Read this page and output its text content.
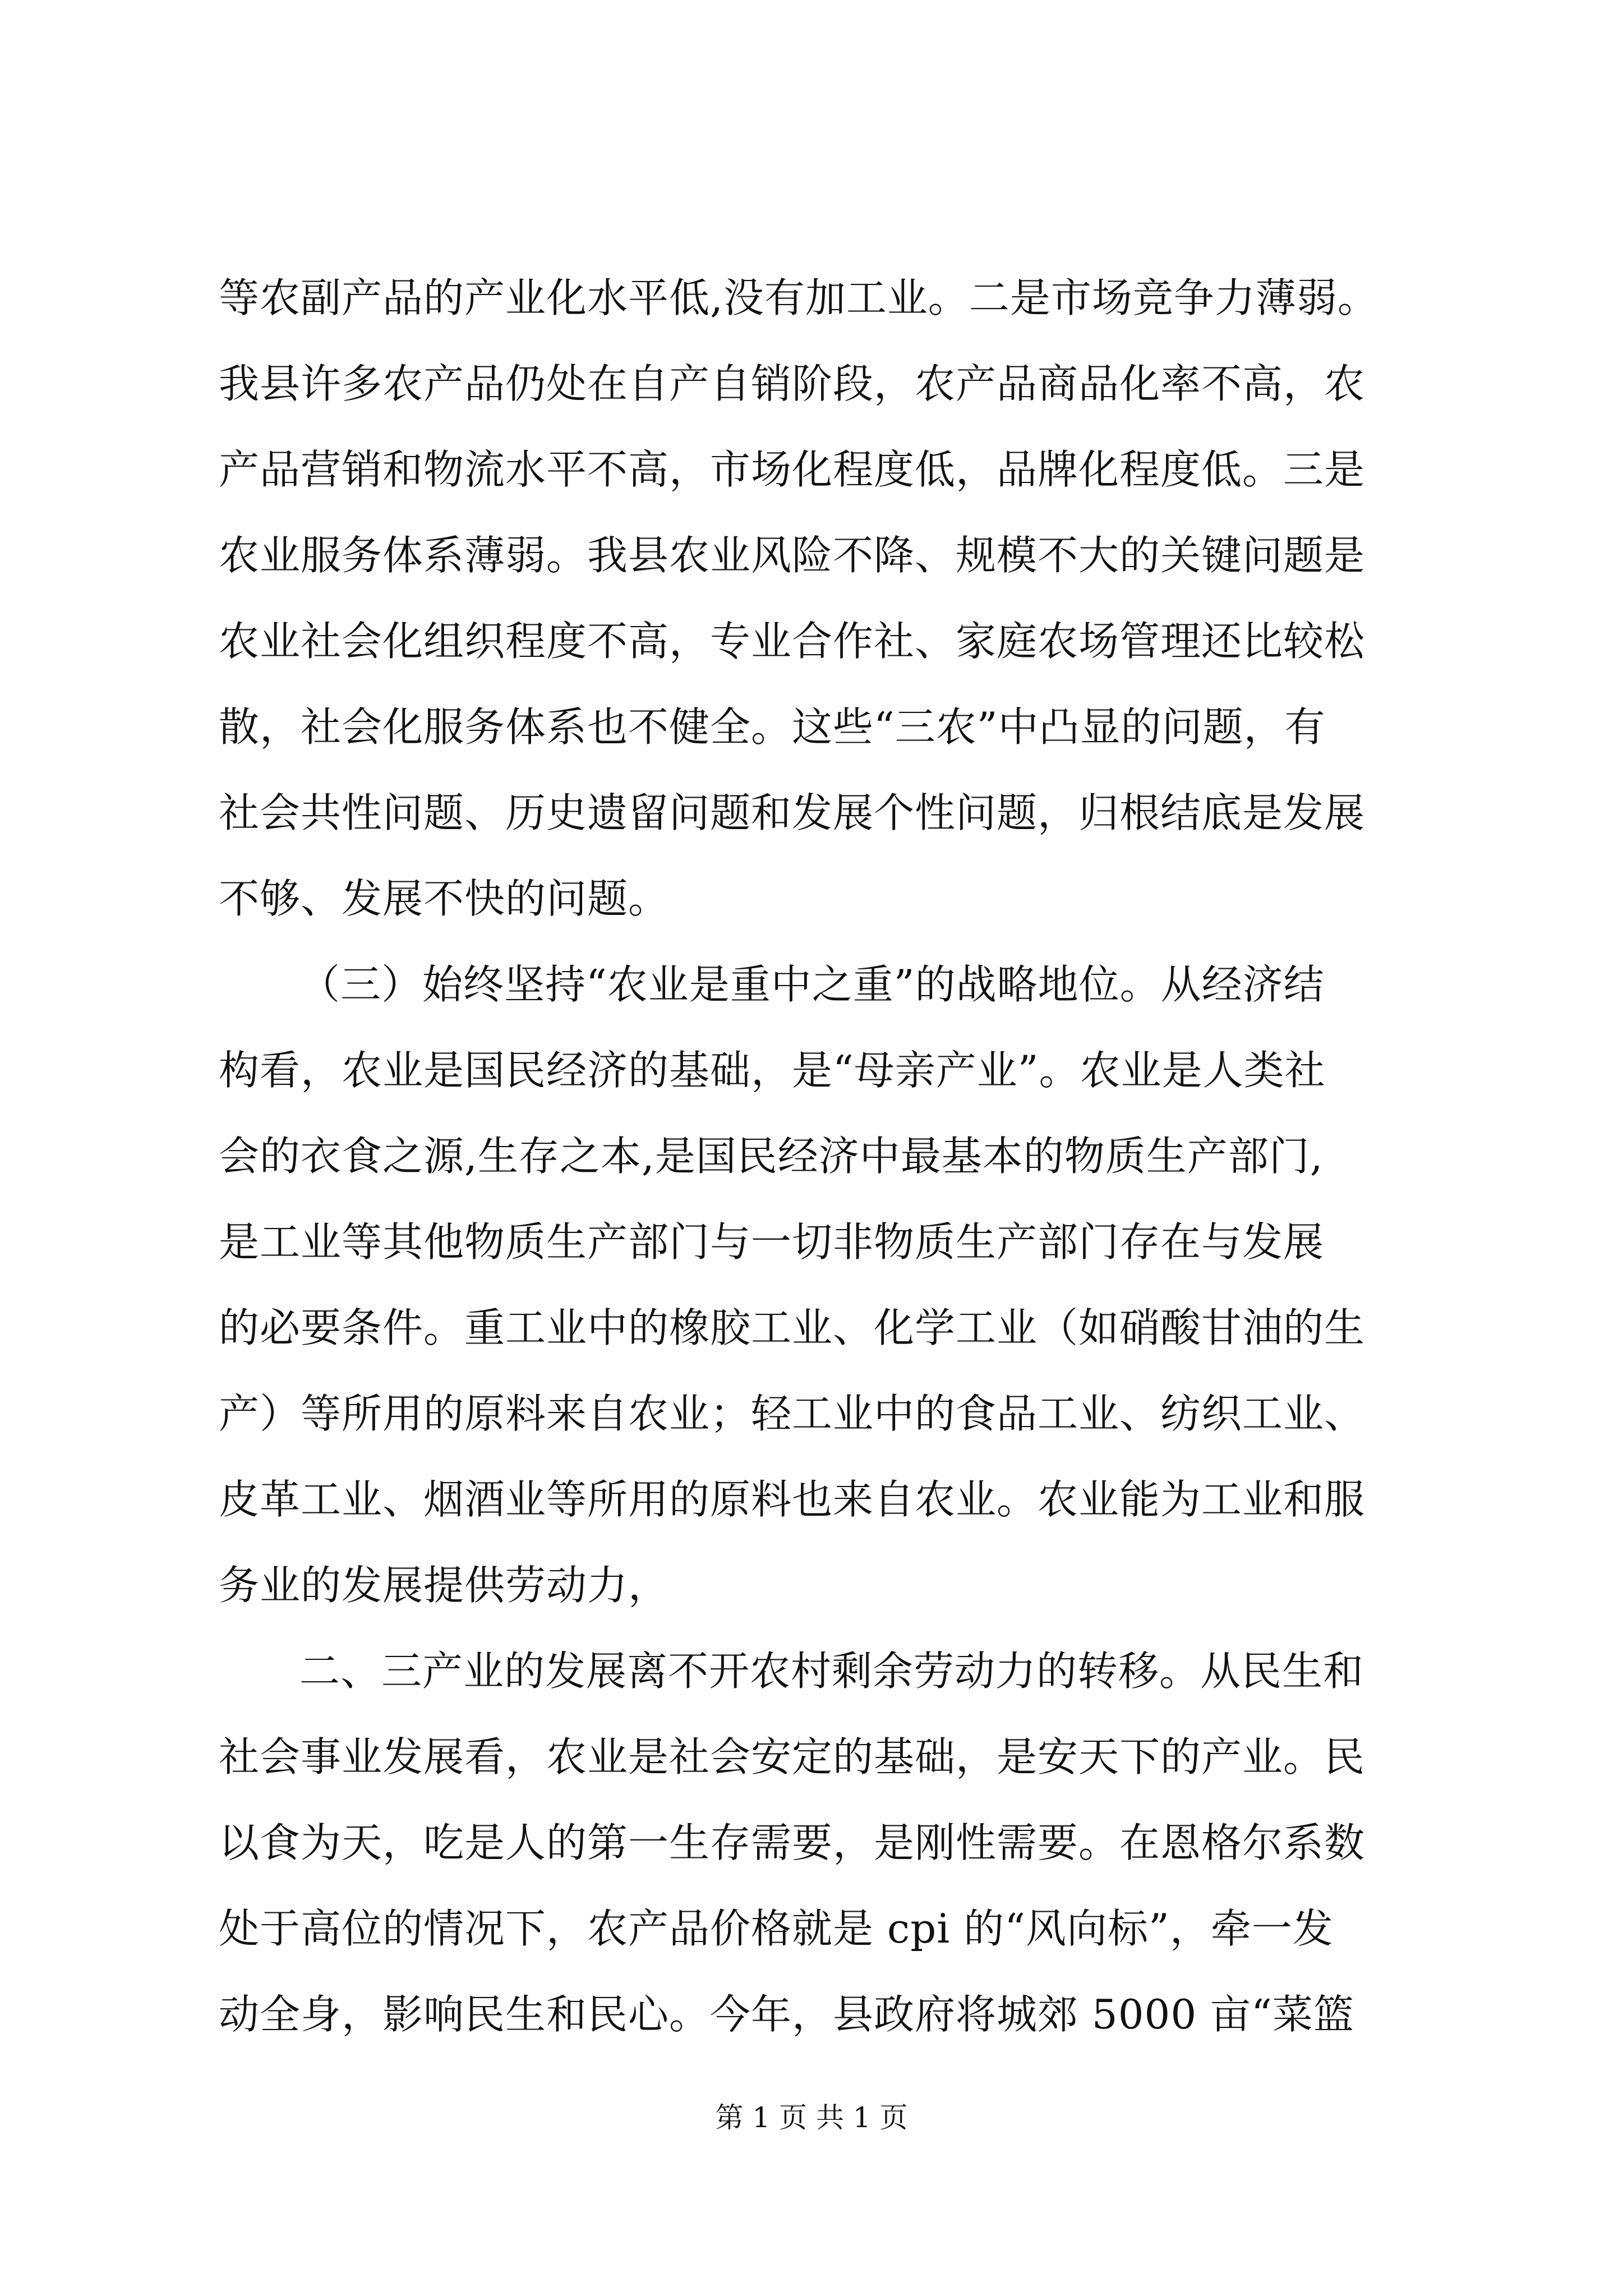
等农副产品的产业化水平低,没有加工业。二是市场竞争力薄弱。
我县许多农产品仍处在自产自销阶段，农产品商品化率不高，农
产品营销和物流水平不高，市场化程度低，品牌化程度低。三是
农业服务体系薄弱。我县农业风险不降、规模不大的关键问题是
农业社会化组织程度不高，专业合作社、家庭农场管理还比较松
散，社会化服务体系也不健全。这些“三农”中凸显的问题，有
社会共性问题、历史遗留问题和发展个性问题，归根结底是发展
不够、发展不快的问题。
（三）始终坚持“农业是重中之重”的战略地位。从经济结
构看，农业是国民经济的基础，是“母亲产业”。农业是人类社
会的衣食之源,生存之本,是国民经济中最基本的物质生产部门,
是工业等其他物质生产部门与一切非物质生产部门存在与发展
的必要条件。重工业中的橡胶工业、化学工业（如硝酸甘油的生
产）等所用的原料来自农业；轻工业中的食品工业、纺织工业、
皮革工业、烟酒业等所用的原料也来自农业。农业能为工业和服
务业的发展提供劳动力，
二、三产业的发展离不开农村剩余劳动力的转移。从民生和
社会事业发展看，农业是社会安定的基础，是安天下的产业。民
以食为天，吃是人的第一生存需要，是刚性需要。在恩格尔系数
处于高位的情况下，农产品价格就是 cpi 的“风向标”，牵一发
动全身，影响民生和民心。今年，县政府将城郊 5000 亩“菜篮
第 1 页 共 1 页
